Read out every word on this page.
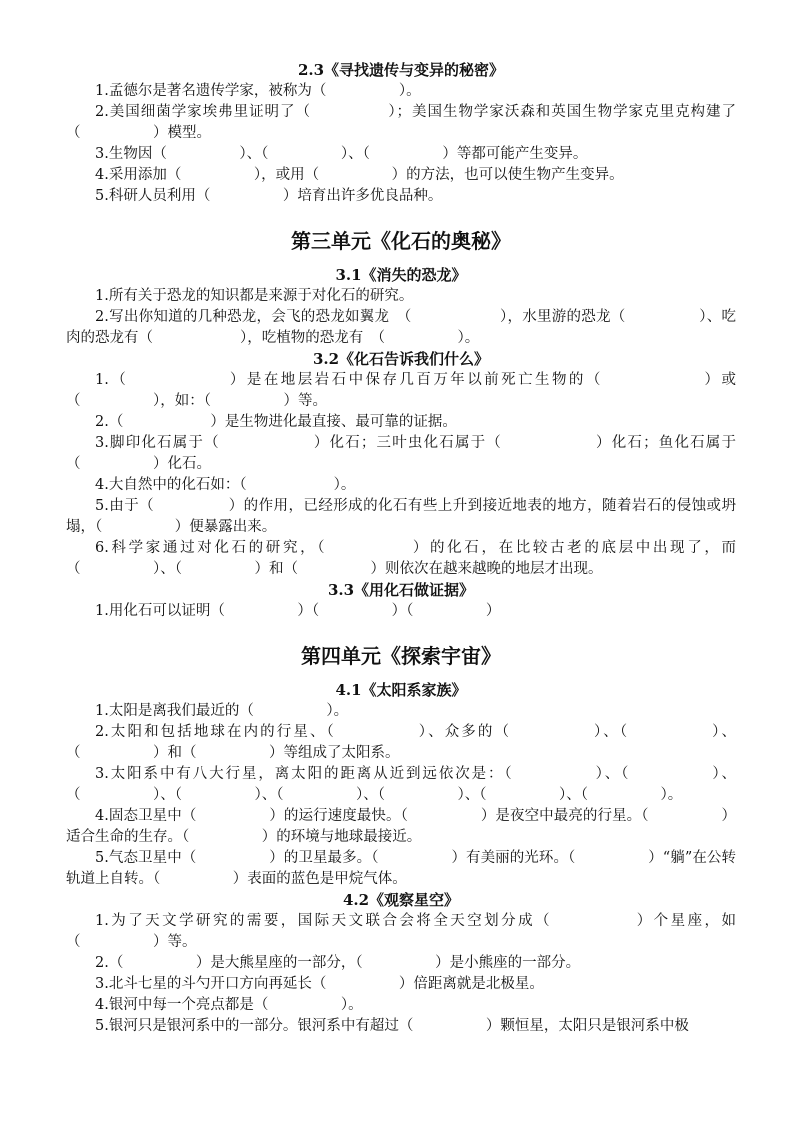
2.3《寻找遗传与变异的秘密》

1.孟德尔是著名遗传学家，被称为（　　　　　）。

2.美国细菌学家埃弗里证明了（　　　　　）；美国生物学家沃森和英国生物学家克里克构建了（　　　　　）模型。

3.生物因（　　　　　）、（　　　　　）、（　　　　　）等都可能产生变异。

4.采用添加（　　　　　），或用（　　　　　）的方法，也可以使生物产生变异。

5.科研人员利用（　　　　　）培育出许多优良品种。

第三单元《化石的奥秘》
3.1《消失的恐龙》

1.所有关于恐龙的知识都是来源于对化石的研究。

2.写出你知道的几种恐龙，会飞的恐龙如翼龙　（　　　　　　），水里游的恐龙（　　　　　）、吃肉的恐龙有（　　　　　　），吃植物的恐龙有　（　　　　　）。

3.2《化石告诉我们什么》

1.（　　　　　　）是在地层岩石中保存几百万年以前死亡生物的（　　　　　　）或（　　　　　），如：（　　　　　）等。

2.（　　　　　　）是生物进化最直接、最可靠的证据。

3.脚印化石属于（　　　　　　）化石；三叶虫化石属于（　　　　　　）化石；鱼化石属于（　　　　　）化石。

4.大自然中的化石如：（　　　　　　）。

5.由于（　　　　　）的作用，已经形成的化石有些上升到接近地表的地方，随着岩石的侵蚀或坍塌，（　　　　　）便暴露出来。

6.科学家通过对化石的研究，（　　　　　）的化石，在比较古老的底层中出现了，而（　　　　　）、（　　　　　）和（　　　　　）则依次在越来越晚的地层才出现。

3.3《用化石做证据》

1.用化石可以证明（　　　　　）（　　　　　）（　　　　　）

第四单元《探索宇宙》
4.1《太阳系家族》

1.太阳是离我们最近的（　　　　　）。

2.太阳和包括地球在内的行星、（　　　　　）、众多的（　　　　　）、（　　　　　）、（　　　　　）和（　　　　　）等组成了太阳系。

3.太阳系中有八大行星，离太阳的距离从近到远依次是：（　　　　　）、（　　　　　）、（　　　　　）、（　　　　　）、（　　　　　）、（　　　　　）、（　　　　　）、（　　　　　）。

4.固态卫星中（　　　　　）的运行速度最快。（　　　　　）是夜空中最亮的行星。（　　　　　）适合生命的生存。（　　　　　）的环境与地球最接近。

5.气态卫星中（　　　　　）的卫星最多。（　　　　　）有美丽的光环。（　　　　　）“躺”在公转轨道上自转。（　　　　　）表面的蓝色是甲烷气体。

4.2《观察星空》

1.为了天文学研究的需要，国际天文联合会将全天空划分成（　　　　　）个星座，如（　　　　　）等。

2.（　　　　　）是大熊星座的一部分，（　　　　　）是小熊座的一部分。

3.北斗七星的斗勺开口方向再延长（　　　　　）倍距离就是北极星。

4.银河中每一个亮点都是（　　　　　）。

5.银河只是银河系中的一部分。银河系中有超过（　　　　　）颗恒星，太阳只是银河系中极
